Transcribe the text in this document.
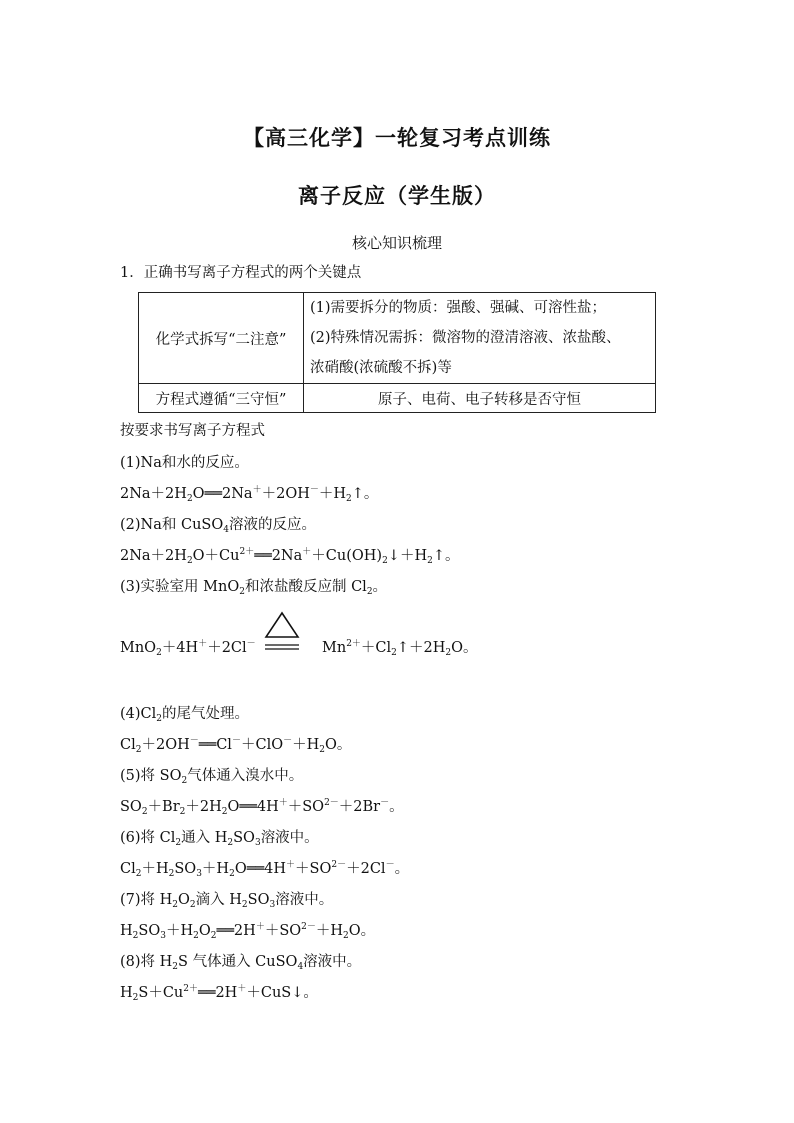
【高三化学】一轮复习考点训练
离子反应（学生版）
核心知识梳理
1．正确书写离子方程式的两个关键点
化学式拆写“二注意”	(1)需要拆分的物质：强酸、强碱、可溶性盐；
(2)特殊情况需拆：微溶物的澄清溶液、浓盐酸、
浓硝酸(浓硫酸不拆)等

方程式遵循“三守恒”	原子、电荷、电子转移是否守恒
按要求书写离子方程式
(1)Na和水的反应。
$2Na+2H_2O══2Na^++2OH^-+H_2↑$。
(2)Na和 CuSO$_4$溶液的反应。
$2Na+2H_2O+Cu^{2+}══2Na^++Cu(OH)_2↓+H_2↑$。
(3)实验室用 MnO$_2$和浓盐酸反应制 $Cl_2$。
MnO$_2$＋4H＋＋2Cl－	$Mn^{2+}+Cl_2↑+2H_2O$。
$(4)Cl_2$的尾气处理。
$Cl_2+2OH^-══Cl^-+ClO^-+H_2O$。
(5)将 $SO_2$气体通入溴水中。
$SO_2+Br_2+2H_2O══4H^++SO^{2-}+2Br^-$。
(6)将 $Cl_2$通入 $H_2SO_3$溶液中。
$Cl_2+H_2SO_3+H_2O══4H^++SO^{2-}+2Cl^-$。
(7)将 $H_2O_2$滴入 $H_2SO_3$溶液中。
$H_2SO_3+H_2O_2══2H^++SO^{2-}+H_2O$。
(8)将 $H_2S$ 气体通入 CuSO$_4$溶液中。
$H_2S+Cu^{2+}══2H^++CuS↓$。
